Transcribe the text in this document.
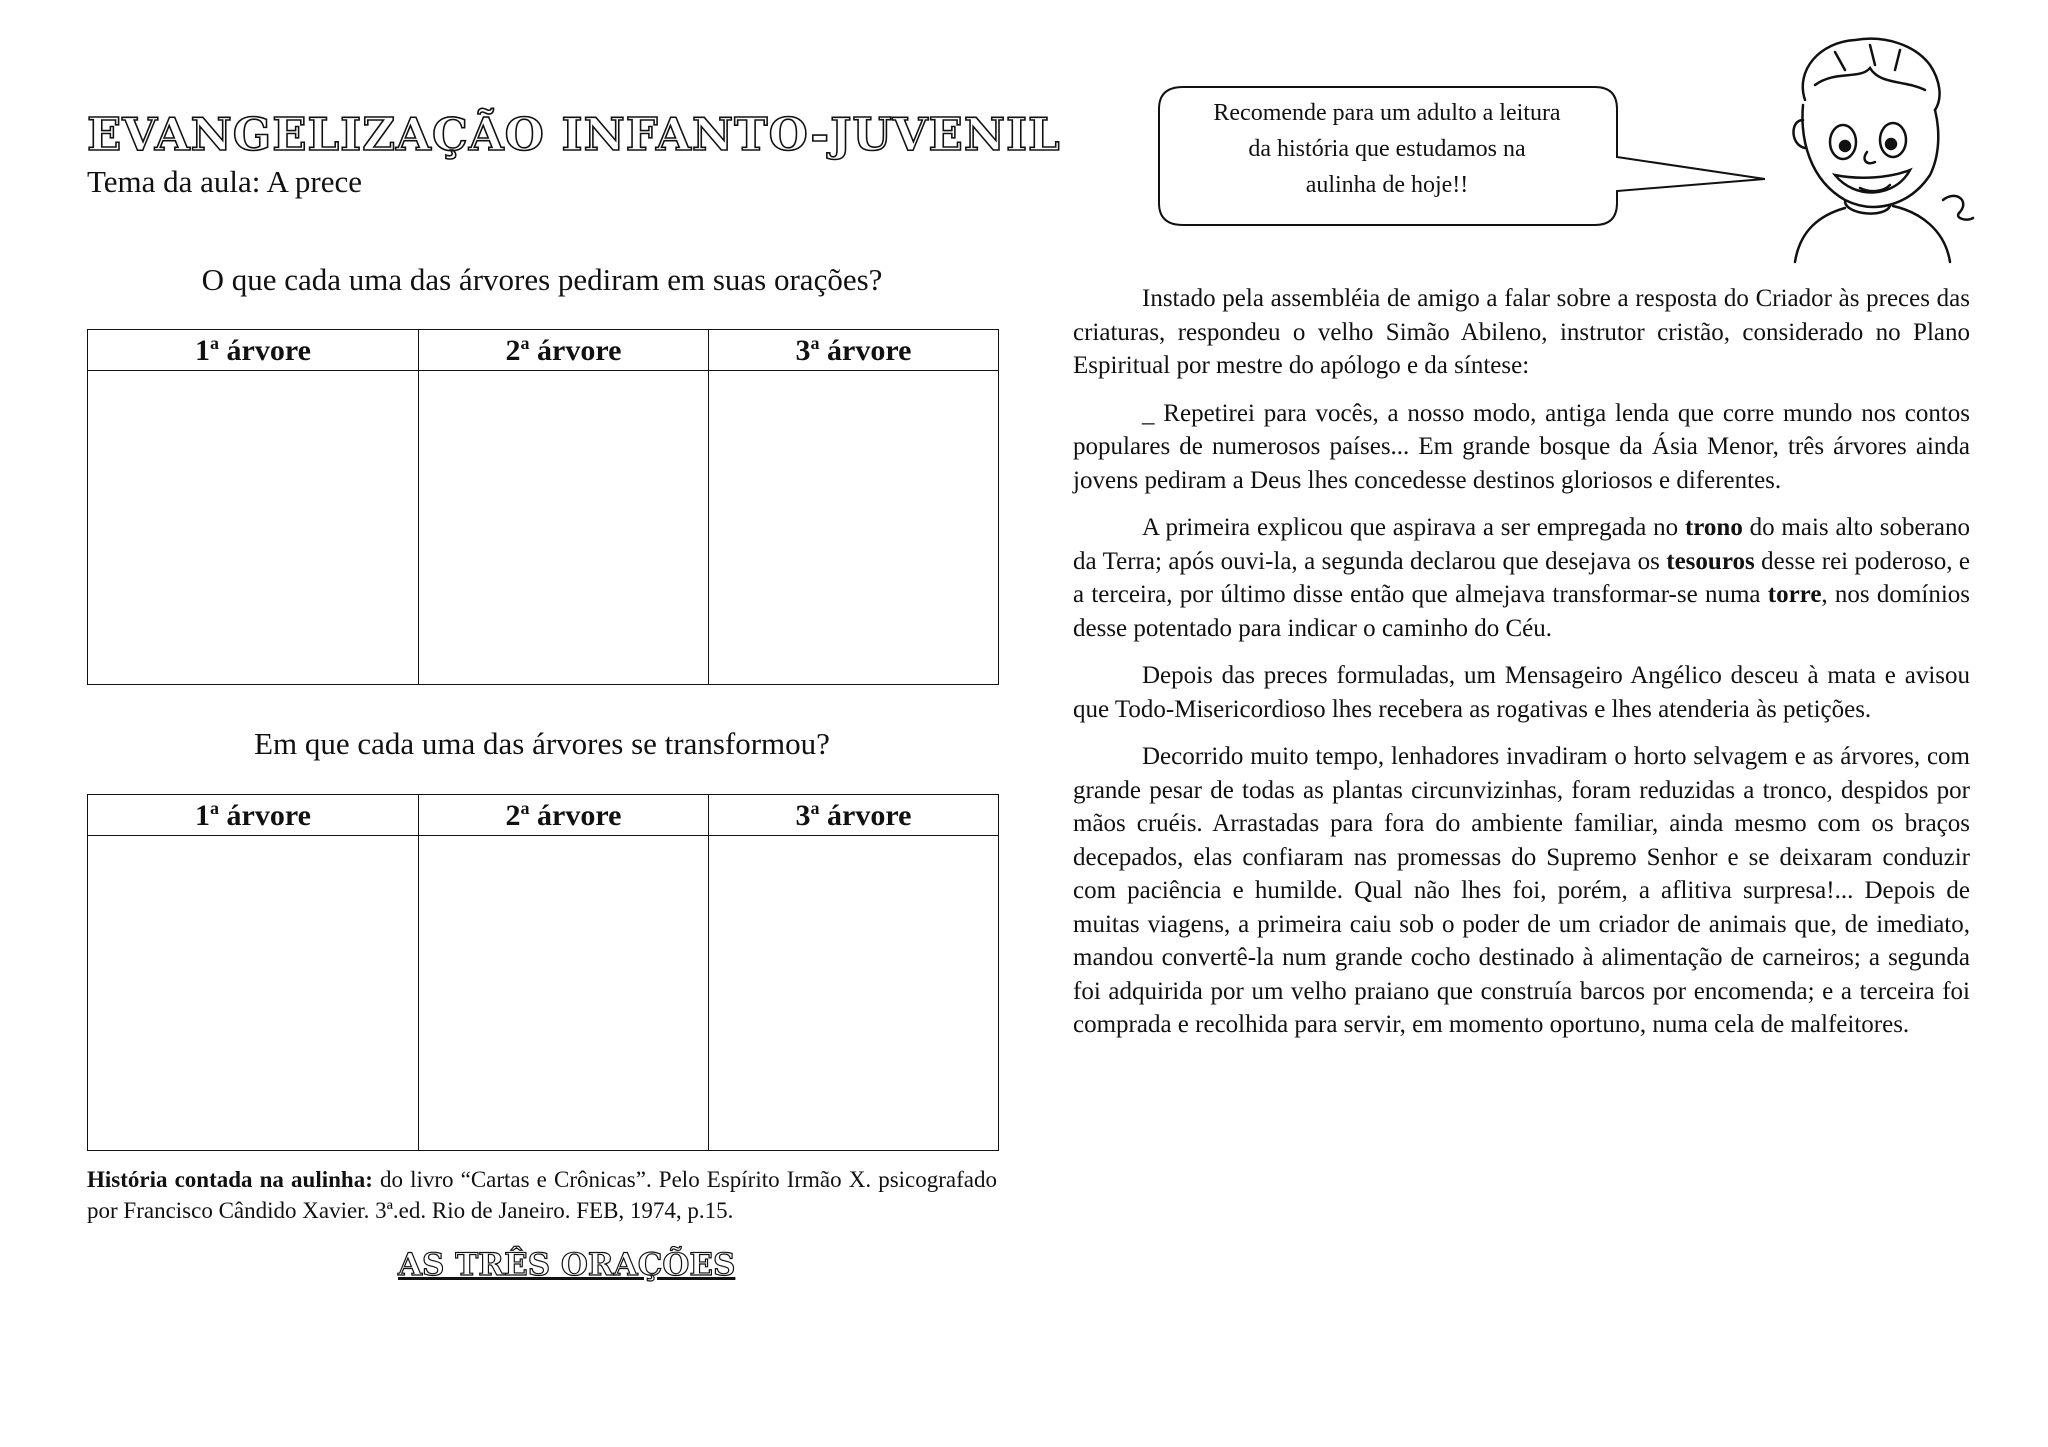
EVANGELIZAÇÃO INFANTO-JUVENIL
Tema da aula: A prece
O que cada uma das árvores pediram em suas orações?
1$^a$ árvore	2$^a$ árvore	3$^a$ árvore

Em que cada uma das árvores se transformou?
1$^a$ árvore	2$^a$ árvore	3$^a$ árvore

História contada na aulinha: do livro “Cartas e Crônicas”. Pelo Espírito Irmão X. psicografado por Francisco Cândido Xavier. 3ª.ed. Rio de Janeiro. FEB, 1974, p.15.
AS TRÊS ORAÇÕES
Recomende para um adulto a leitura
da história que estudamos na
aulinha de hoje!!

Instado pela assembléia de amigo a falar sobre a resposta do Criador às preces das criaturas, respondeu o velho Simão Abileno, instrutor cristão, considerado no Plano Espiritual por mestre do apólogo e da síntese:

_ Repetirei para vocês, a nosso modo, antiga lenda que corre mundo nos contos populares de numerosos países... Em grande bosque da Ásia Menor, três árvores ainda jovens pediram a Deus lhes concedesse destinos gloriosos e diferentes.

A primeira explicou que aspirava a ser empregada no trono do mais alto soberano da Terra; após ouvi-la, a segunda declarou que desejava os tesouros desse rei poderoso, e a terceira, por último disse então que almejava transformar-se numa torre, nos domínios desse potentado para indicar o caminho do Céu.

Depois das preces formuladas, um Mensageiro Angélico desceu à mata e avisou que Todo-Misericordioso lhes recebera as rogativas e lhes atenderia às petições.

Decorrido muito tempo, lenhadores invadiram o horto selvagem e as árvores, com grande pesar de todas as plantas circunvizinhas, foram reduzidas a tronco, despidos por mãos cruéis. Arrastadas para fora do ambiente familiar, ainda mesmo com os braços decepados, elas confiaram nas promessas do Supremo Senhor e se deixaram conduzir com paciência e humilde. Qual não lhes foi, porém, a aflitiva surpresa!... Depois de muitas viagens, a primeira caiu sob o poder de um criador de animais que, de imediato, mandou convertê-la num grande cocho destinado à alimentação de carneiros; a segunda foi adquirida por um velho praiano que construía barcos por encomenda; e a terceira foi comprada e recolhida para servir, em momento oportuno, numa cela de malfeitores.
